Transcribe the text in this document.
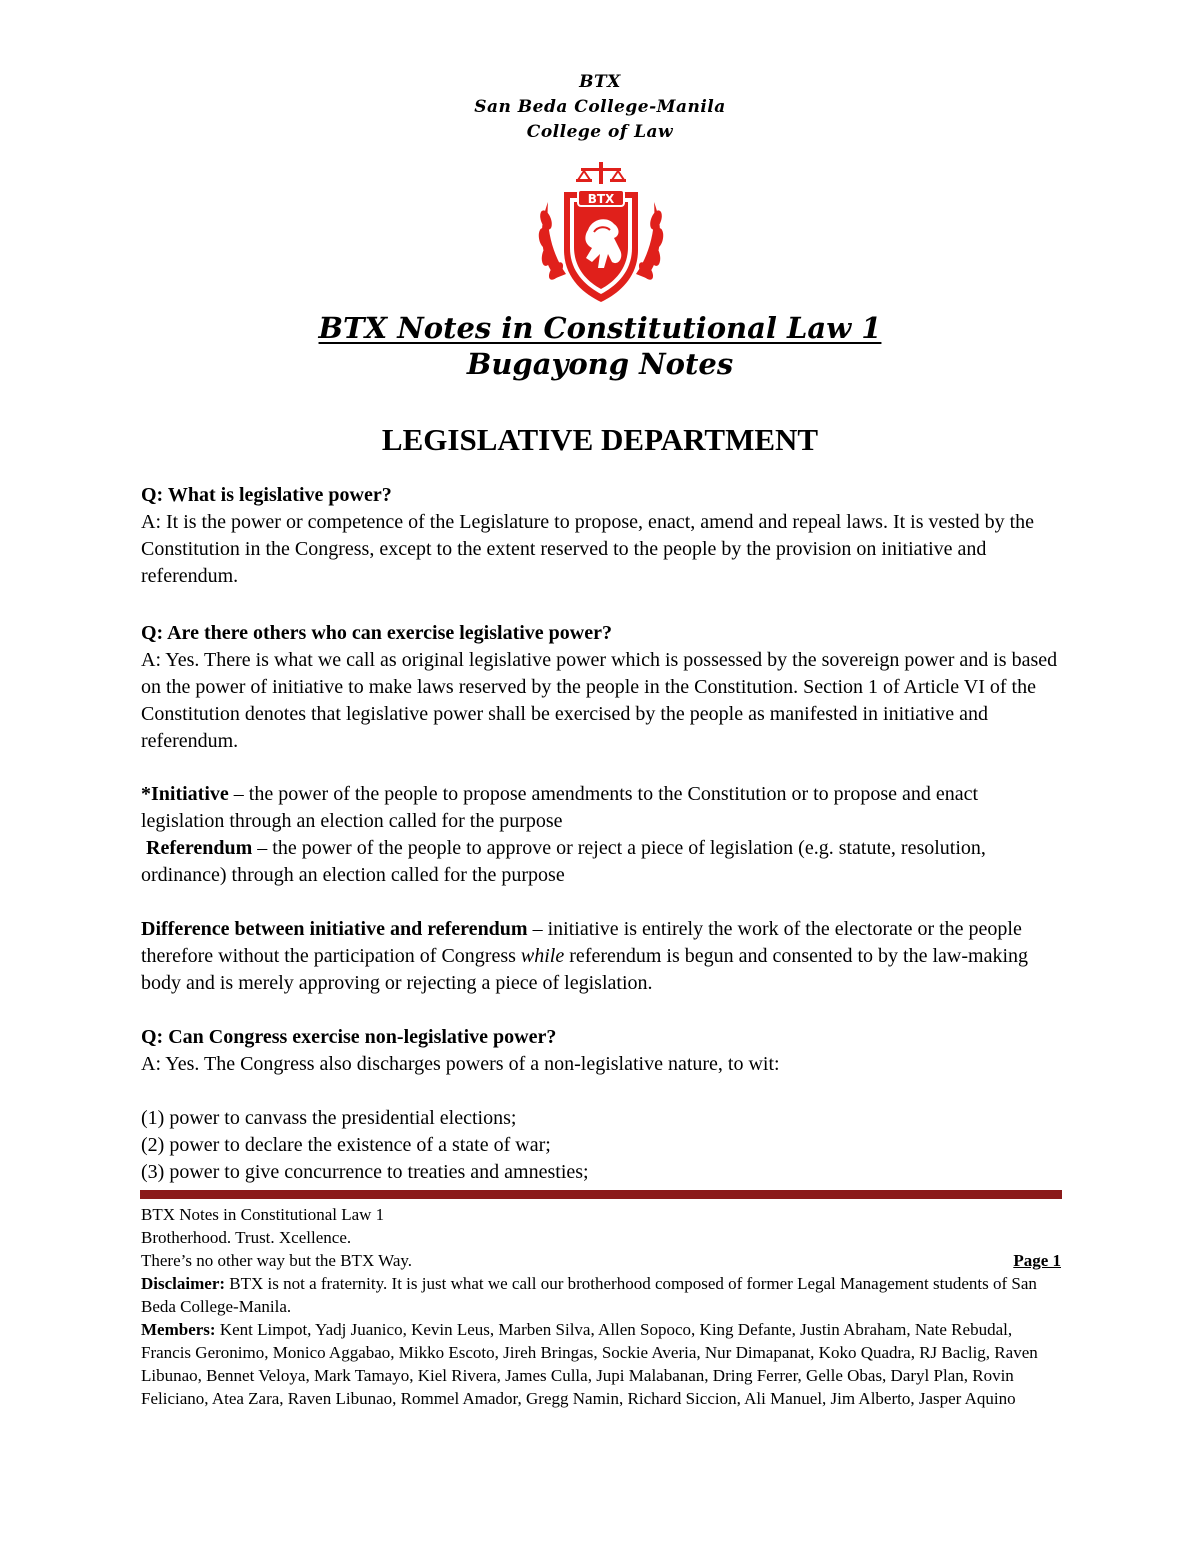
BTX
San Beda College-Manila
College of Law
BTX
BTX Notes in Constitutional Law 1
Bugayong Notes
LEGISLATIVE DEPARTMENT

Q: What is legislative power?

A: It is the power or competence of the Legislature to propose, enact, amend and repeal laws. It is vested by the Constitution in the Congress, except to the extent reserved to the people by the provision on initiative and referendum.

Q: Are there others who can exercise legislative power?

A: Yes. There is what we call as original legislative power which is possessed by the sovereign power and is based on the power of initiative to make laws reserved by the people in the Constitution. Section 1 of Article VI of the Constitution denotes that legislative power shall be exercised by the people as manifested in initiative and referendum.

*Initiative – the power of the people to propose amendments to the Constitution or to propose and enact legislation through an election called for the purpose

Referendum – the power of the people to approve or reject a piece of legislation (e.g. statute, resolution, ordinance) through an election called for the purpose

Difference between initiative and referendum – initiative is entirely the work of the electorate or the people therefore without the participation of Congress while referendum is begun and consented to by the law-making body and is merely approving or rejecting a piece of legislation.

Q: Can Congress exercise non-legislative power?

A: Yes. The Congress also discharges powers of a non-legislative nature, to wit:

(1) power to canvass the presidential elections;

(2) power to declare the existence of a state of war;

(3) power to give concurrence to treaties and amnesties;

BTX Notes in Constitutional Law 1
Brotherhood. Trust. Xcellence.
There’s no other way but the BTX Way.	Page 1
Disclaimer: BTX is not a fraternity. It is just what we call our brotherhood composed of former Legal Management students of San Beda College-Manila.
Members: Kent Limpot, Yadj Juanico, Kevin Leus, Marben Silva, Allen Sopoco, King Defante, Justin Abraham, Nate Rebudal, Francis Geronimo, Monico Aggabao, Mikko Escoto, Jireh Bringas, Sockie Averia, Nur Dimapanat, Koko Quadra, RJ Baclig, Raven Libunao, Bennet Veloya, Mark Tamayo, Kiel Rivera, James Culla, Jupi Malabanan, Dring Ferrer, Gelle Obas, Daryl Plan, Rovin Feliciano, Atea Zara, Raven Libunao, Rommel Amador, Gregg Namin, Richard Siccion, Ali Manuel, Jim Alberto, Jasper Aquino
